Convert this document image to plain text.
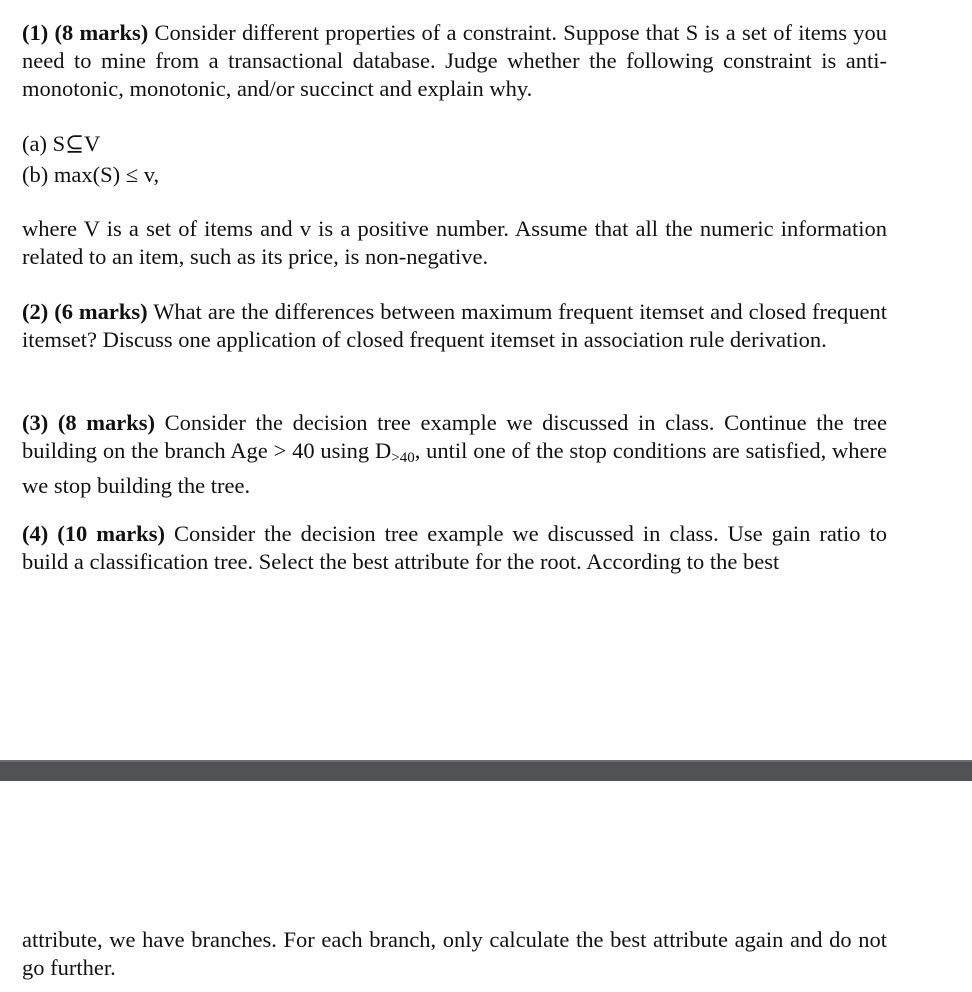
(1) (8 marks) Consider different properties of a constraint. Suppose that S is a set of items you need to mine from a transactional database. Judge whether the following constraint is anti-monotonic, monotonic, and/or succinct and explain why.

(a) S⊆V

(b) max(S) ≤ v,

where V is a set of items and v is a positive number. Assume that all the numeric information related to an item, such as its price, is non-negative.

(2) (6 marks) What are the differences between maximum frequent itemset and closed frequent itemset? Discuss one application of closed frequent itemset in association rule derivation.

(3) (8 marks) Consider the decision tree example we discussed in class. Continue the tree building on the branch Age > 40 using $D_{>40}$, until one of the stop conditions are satisfied, where we stop building the tree.

(4) (10 marks) Consider the decision tree example we discussed in class. Use gain ratio to build a classification tree. Select the best attribute for the root. According to the best

attribute, we have branches. For each branch, only calculate the best attribute again and do not go further.
